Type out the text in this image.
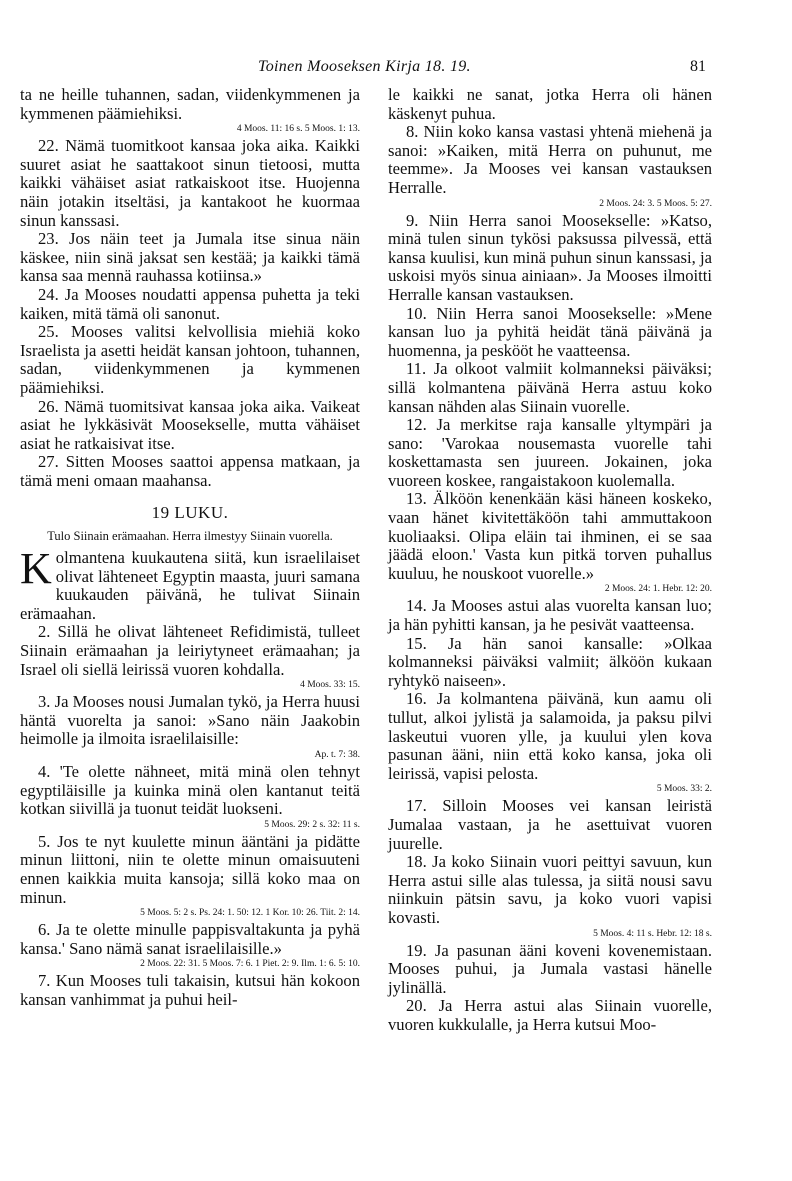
Toinen Mooseksen Kirja 18. 19.	81

ta ne heille tuhannen, sadan, viidenkymmenen ja kymmenen päämiehiksi.

4 Moos. 11: 16 s. 5 Moos. 1: 13.

22. Nämä tuomitkoot kansaa joka aika. Kaikki suuret asiat he saattakoot sinun tietoosi, mutta kaikki vähäiset asiat ratkaiskoot itse. Huojenna näin jotakin itseltäsi, ja kantakoot he kuormaa sinun kanssasi.

23. Jos näin teet ja Jumala itse sinua näin käskee, niin sinä jaksat sen kestää; ja kaikki tämä kansa saa mennä rauhassa kotiinsa.»

24. Ja Mooses noudatti appensa puhetta ja teki kaiken, mitä tämä oli sanonut.

25. Mooses valitsi kelvollisia miehiä koko Israelista ja asetti heidät kansan johtoon, tuhannen, sadan, viidenkymmenen ja kymmenen päämiehiksi.

26. Nämä tuomitsivat kansaa joka aika. Vaikeat asiat he lykkäsivät Moosekselle, mutta vähäiset asiat he ratkaisivat itse.

27. Sitten Mooses saattoi appensa matkaan, ja tämä meni omaan maahansa.

19 LUKU.
Tulo Siinain erämaahan. Herra ilmestyy Siinain vuorella.

Kolmantena kuukautena siitä, kun israelilaiset olivat lähteneet Egyptin maasta, juuri samana kuukauden päivänä, he tulivat Siinain erämaahan.

2. Sillä he olivat lähteneet Refidimistä, tulleet Siinain erämaahan ja leiriytyneet erämaahan; ja Israel oli siellä leirissä vuoren kohdalla.

4 Moos. 33: 15.

3. Ja Mooses nousi Jumalan tykö, ja Herra huusi häntä vuorelta ja sanoi: »Sano näin Jaakobin heimolle ja ilmoita israelilaisille:

Ap. t. 7: 38.

4. 'Te olette nähneet, mitä minä olen tehnyt egyptiläisille ja kuinka minä olen kantanut teitä kotkan siivillä ja tuonut teidät luokseni.

5 Moos. 29: 2 s. 32: 11 s.

5. Jos te nyt kuulette minun ääntäni ja pidätte minun liittoni, niin te olette minun omaisuuteni ennen kaikkia muita kansoja; sillä koko maa on minun.

5 Moos. 5: 2 s. Ps. 24: 1. 50: 12. 1 Kor. 10: 26. Tiit. 2: 14.

6. Ja te olette minulle pappisvaltakunta ja pyhä kansa.' Sano nämä sanat israelilaisille.»

2 Moos. 22: 31. 5 Moos. 7: 6. 1 Piet. 2: 9. Ilm. 1: 6. 5: 10.

7. Kun Mooses tuli takaisin, kutsui hän kokoon kansan vanhimmat ja puhui heil-

le kaikki ne sanat, jotka Herra oli hänen käskenyt puhua.

8. Niin koko kansa vastasi yhtenä miehenä ja sanoi: »Kaiken, mitä Herra on puhunut, me teemme». Ja Mooses vei kansan vastauksen Herralle.

2 Moos. 24: 3. 5 Moos. 5: 27.

9. Niin Herra sanoi Moosekselle: »Katso, minä tulen sinun tykösi paksussa pilvessä, että kansa kuulisi, kun minä puhun sinun kanssasi, ja uskoisi myös sinua ainiaan». Ja Mooses ilmoitti Herralle kansan vastauksen.

10. Niin Herra sanoi Moosekselle: »Mene kansan luo ja pyhitä heidät tänä päivänä ja huomenna, ja peskööt he vaatteensa.

11. Ja olkoot valmiit kolmanneksi päiväksi; sillä kolmantena päivänä Herra astuu koko kansan nähden alas Siinain vuorelle.

12. Ja merkitse raja kansalle yltympäri ja sano: 'Varokaa nousemasta vuorelle tahi koskettamasta sen juureen. Jokainen, joka vuoreen koskee, rangaistakoon kuolemalla.

13. Älköön kenenkään käsi häneen koskeko, vaan hänet kivitettäköön tahi ammuttakoon kuoliaaksi. Olipa eläin tai ihminen, ei se saa jäädä eloon.' Vasta kun pitkä torven puhallus kuuluu, he nouskoot vuorelle.»

2 Moos. 24: 1. Hebr. 12: 20.

14. Ja Mooses astui alas vuorelta kansan luo; ja hän pyhitti kansan, ja he pesivät vaatteensa.

15. Ja hän sanoi kansalle: »Olkaa kolmanneksi päiväksi valmiit; älköön kukaan ryhtykö naiseen».

16. Ja kolmantena päivänä, kun aamu oli tullut, alkoi jylistä ja salamoida, ja paksu pilvi laskeutui vuoren ylle, ja kuului ylen kova pasunan ääni, niin että koko kansa, joka oli leirissä, vapisi pelosta.

5 Moos. 33: 2.

17. Silloin Mooses vei kansan leiristä Jumalaa vastaan, ja he asettuivat vuoren juurelle.

18. Ja koko Siinain vuori peittyi savuun, kun Herra astui sille alas tulessa, ja siitä nousi savu niinkuin pätsin savu, ja koko vuori vapisi kovasti.

5 Moos. 4: 11 s. Hebr. 12: 18 s.

19. Ja pasunan ääni koveni kovenemistaan. Mooses puhui, ja Jumala vastasi hänelle jylinällä.

20. Ja Herra astui alas Siinain vuorelle, vuoren kukkulalle, ja Herra kutsui Moo-
